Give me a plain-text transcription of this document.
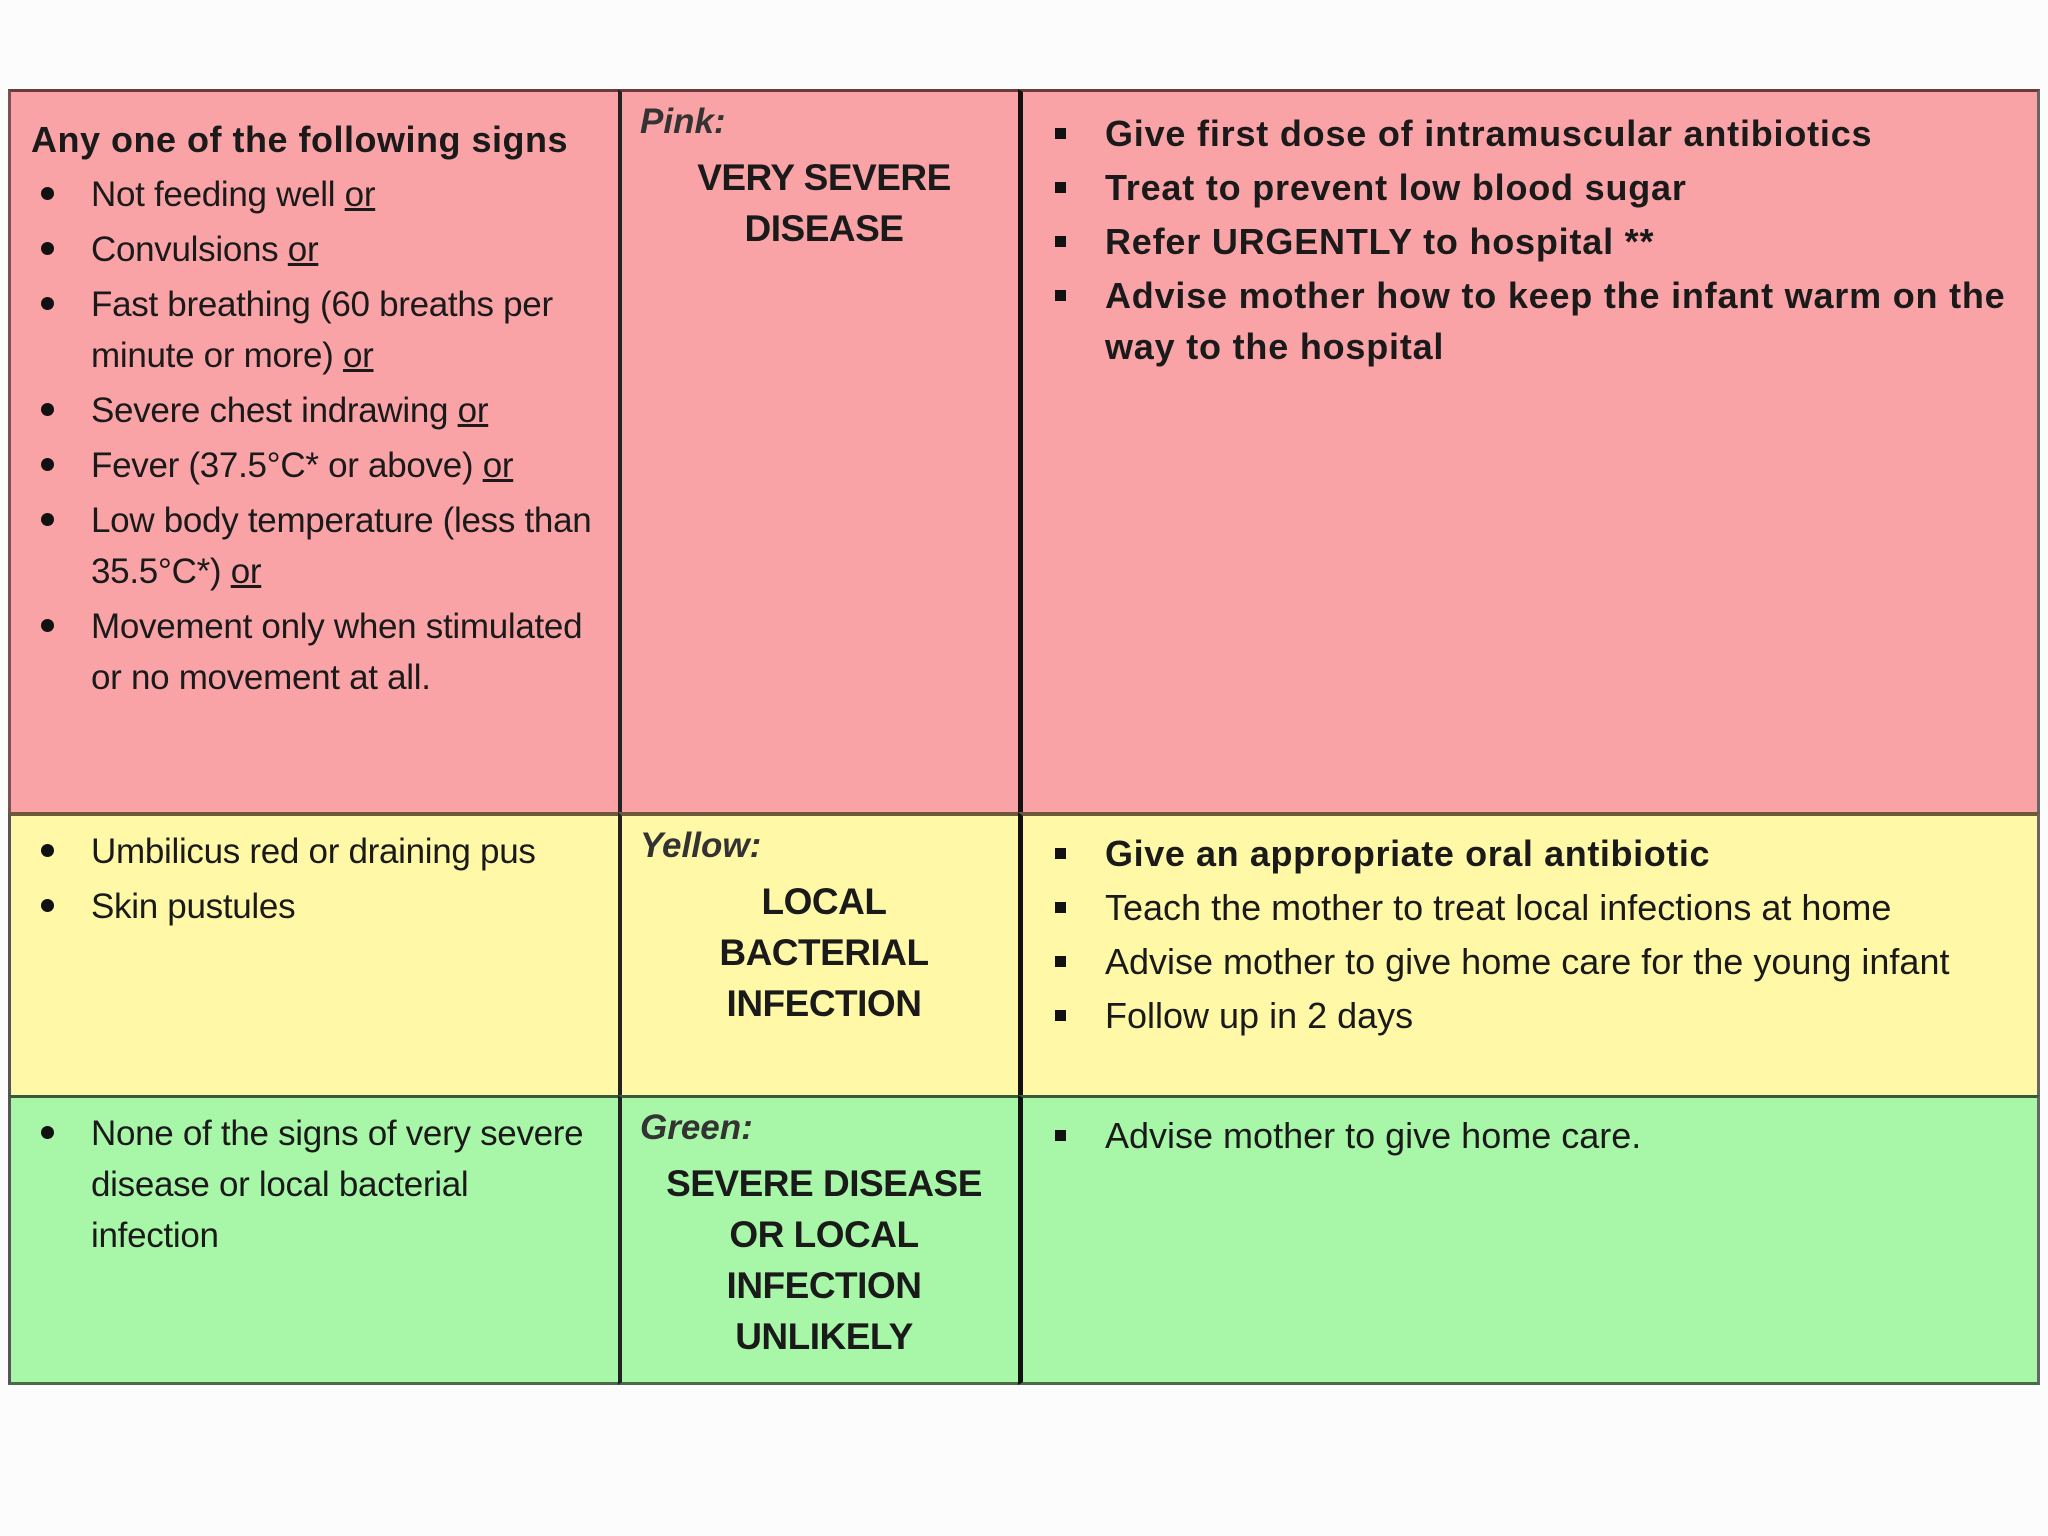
Any one of the following signs
Not feeding well or
Convulsions or
Fast breathing (60 breaths per minute or more) or
Severe chest indrawing or
Fever (37.5°C* or above) or
Low body temperature (less than 35.5°C*) or
Movement only when stimulated or no movement at all.
Pink:
VERY SEVERE DISEASE
Give first dose of intramuscular antibiotics
Treat to prevent low blood sugar
Refer URGENTLY to hospital **
Advise mother how to keep the infant warm on the way to the hospital
Umbilicus red or draining pus
Skin pustules
Yellow:
LOCAL BACTERIAL INFECTION
Give an appropriate oral antibiotic
Teach the mother to treat local infections at home
Advise mother to give home care for the young infant
Follow up in 2 days
None of the signs of very severe disease or local bacterial infection
Green:
SEVERE DISEASE OR LOCAL INFECTION UNLIKELY
Advise mother to give home care.
